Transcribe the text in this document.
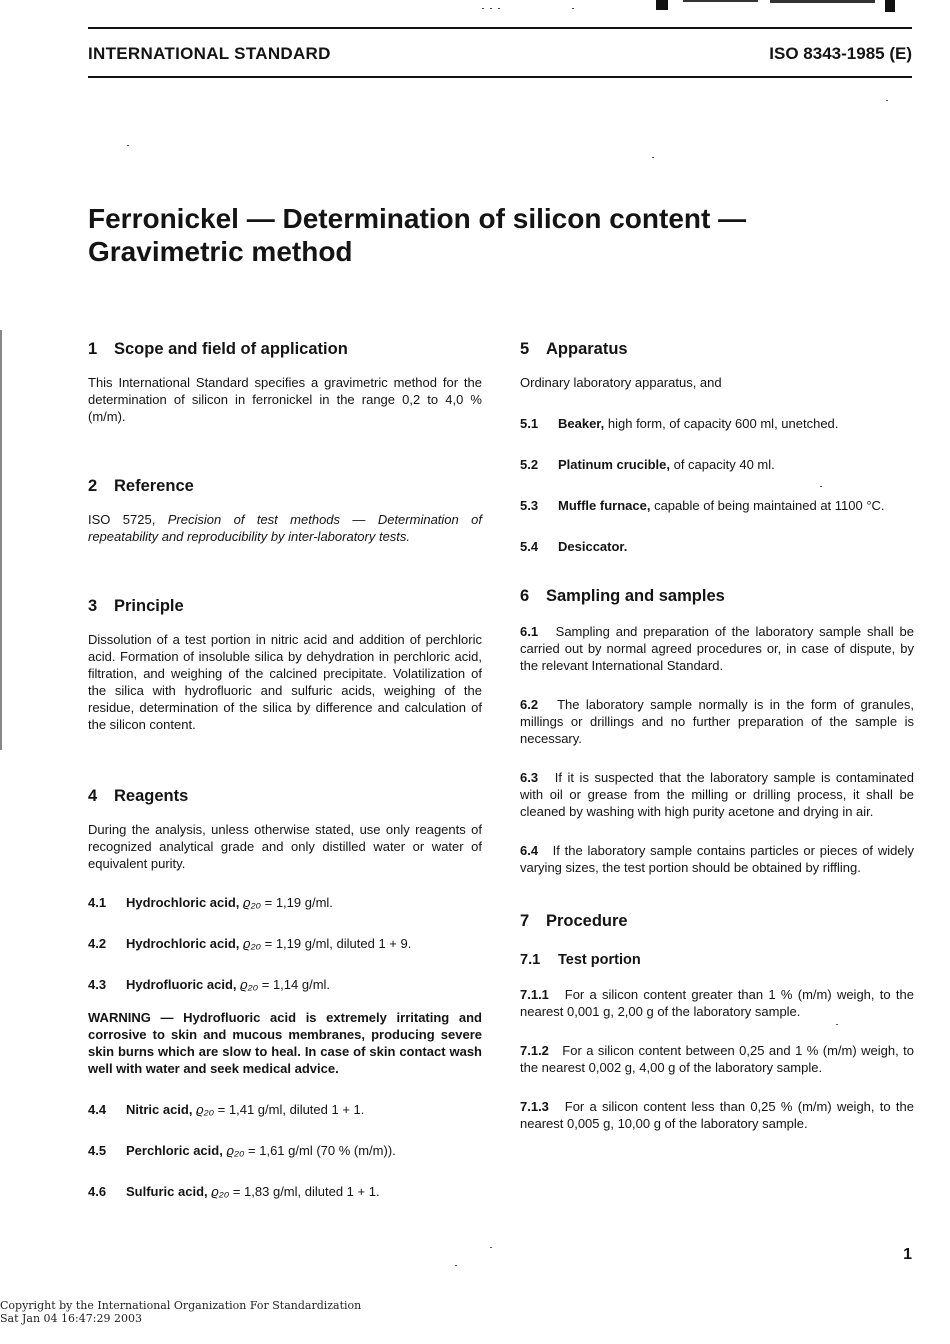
INTERNATIONAL STANDARD	ISO 8343-1985 (E)
Ferronickel — Determination of silicon content —
Gravimetric method
1 Scope and field of application

This International Standard specifies a gravimetric method for the determination of silicon in ferronickel in the range 0,2 to 4,0 % (m/m).

2 Reference

ISO 5725, Precision of test methods — Determination of repeatability and reproducibility by inter-laboratory tests.

3 Principle

Dissolution of a test portion in nitric acid and addition of perchloric acid. Formation of insoluble silica by dehydration in perchloric acid, filtration, and weighing of the calcined precipitate. Volatilization of the silica with hydrofluoric and sulfuric acids, weighing of the residue, determination of the silica by difference and calculation of the silicon content.

4 Reagents

During the analysis, unless otherwise stated, use only reagents of recognized analytical grade and only distilled water or water of equivalent purity.

4.1 Hydrochloric acid, ϱ₂₀ = 1,19 g/ml.

4.2 Hydrochloric acid, ϱ₂₀ = 1,19 g/ml, diluted 1 + 9.

4.3 Hydrofluoric acid, ϱ₂₀ = 1,14 g/ml.

WARNING — Hydrofluoric acid is extremely irritating and corrosive to skin and mucous membranes, producing severe skin burns which are slow to heal. In case of skin contact wash well with water and seek medical advice.

4.4 Nitric acid, ϱ₂₀ = 1,41 g/ml, diluted 1 + 1.

4.5 Perchloric acid, ϱ₂₀ = 1,61 g/ml (70 % (m/m)).

4.6 Sulfuric acid, ϱ₂₀ = 1,83 g/ml, diluted 1 + 1.

5 Apparatus

Ordinary laboratory apparatus, and

5.1 Beaker, high form, of capacity 600 ml, unetched.

5.2 Platinum crucible, of capacity 40 ml.

5.3 Muffle furnace, capable of being maintained at 1100 °C.

5.4 Desiccator.

6 Sampling and samples

6.1 Sampling and preparation of the laboratory sample shall be carried out by normal agreed procedures or, in case of dispute, by the relevant International Standard.

6.2 The laboratory sample normally is in the form of granules, millings or drillings and no further preparation of the sample is necessary.

6.3 If it is suspected that the laboratory sample is contaminated with oil or grease from the milling or drilling process, it shall be cleaned by washing with high purity acetone and drying in air.

6.4 If the laboratory sample contains particles or pieces of widely varying sizes, the test portion should be obtained by riffling.

7 Procedure
7.1 Test portion

7.1.1 For a silicon content greater than 1 % (m/m) weigh, to the nearest 0,001 g, 2,00 g of the laboratory sample.

7.1.2 For a silicon content between 0,25 and 1 % (m/m) weigh, to the nearest 0,002 g, 4,00 g of the laboratory sample.

7.1.3 For a silicon content less than 0,25 % (m/m) weigh, to the nearest 0,005 g, 10,00 g of the laboratory sample.

1
Copyright by the International Organization For Standardization
Sat Jan 04 16:47:29 2003
